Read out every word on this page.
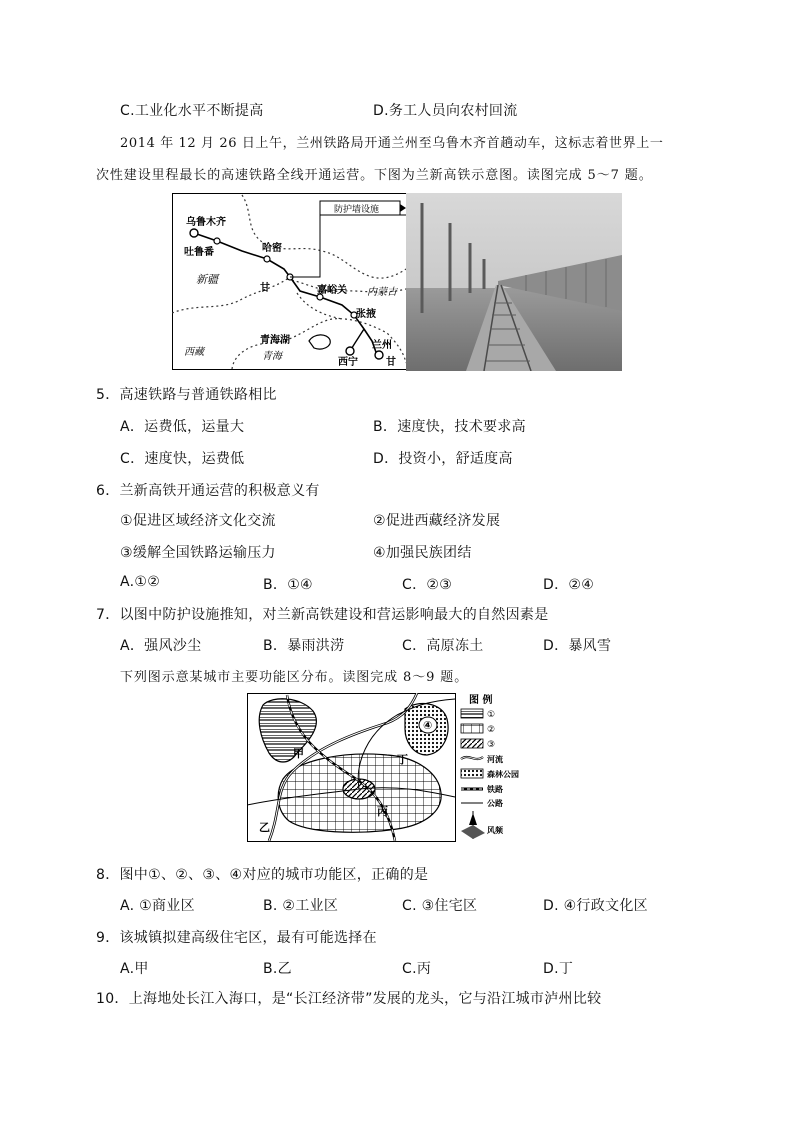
C.工业化水平不断提高	D.务工人员向农村回流
2014 年 12 月 26 日上午，兰州铁路局开通兰州至乌鲁木齐首趟动车，这标志着世界上一
次性建设里程最长的高速铁路全线开通运营。下图为兰新高铁示意图。读图完成 5～7 题。
防护墙设施
乌鲁木齐
吐鲁番	哈密
新疆
甘	嘉峪关 内蒙古
张掖
青海湖
西宁
兰州
西藏	青海
甘
5．高速铁路与普通铁路相比
A．运费低，运量大	B．速度快，技术要求高
C．速度快，运费低	D．投资小，舒适度高
6．兰新高铁开通运营的积极意义有
①促进区域经济文化交流	②促进西藏经济发展
③缓解全国铁路运输压力	④加强民族团结
A.①②	B．①④	C．②③	D．②④
7．以图中防护设施推知，对兰新高铁建设和营运影响最大的自然因素是
A．强风沙尘	B．暴雨洪涝	C．高原冻土	D．暴风雪
下列图示意某城市主要功能区分布。读图完成 8～9 题。
④
甲	丁
丙
乙
图 例
①
②
③
河流
森林公园
铁路
公路
风频
8．图中①、②、③、④对应的城市功能区，正确的是
A. ①商业区	B. ②工业区	C. ③住宅区	D. ④行政文化区
9．该城镇拟建高级住宅区，最有可能选择在
A.甲	B.乙	C.丙	D.丁
10．上海地处长江入海口，是“长江经济带”发展的龙头，它与沿江城市泸州比较
